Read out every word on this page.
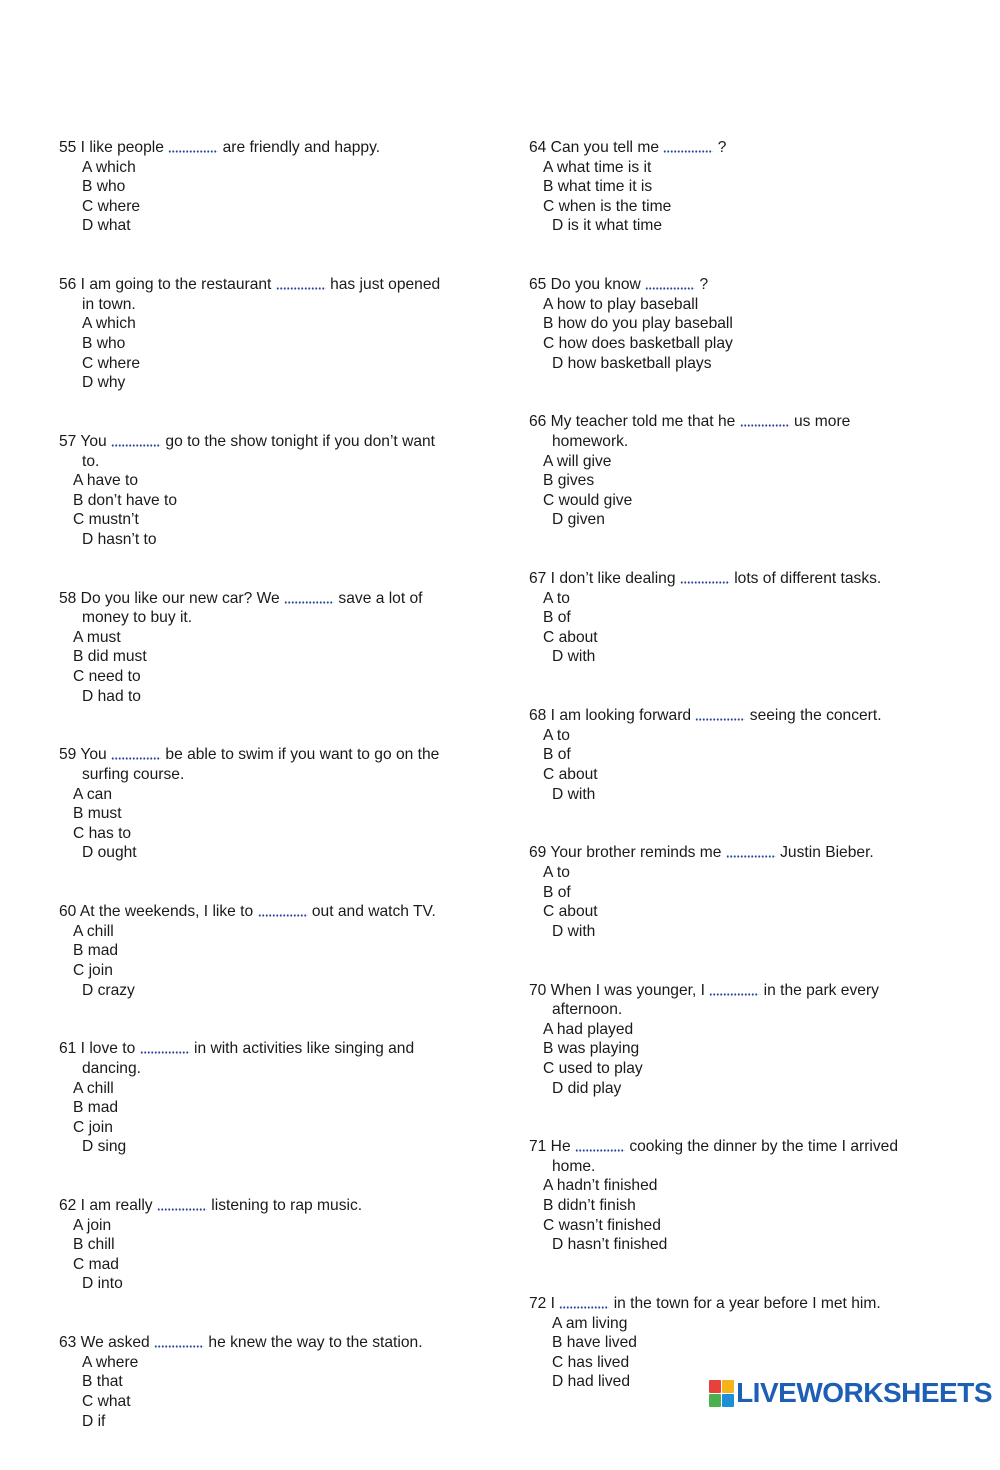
55 I like people	are friendly and happy.
A which
B who
C where
D what
56 I am going to the restaurant	has just opened
in town.
A which
B who
C where
D why
57 You	go to the show tonight if you don’t want
to.
A have to
B don’t have to
C mustn’t
D hasn’t to
58 Do you like our new car? We	save a lot of
money to buy it.
A must
B did must
C need to
D had to
59 You	be able to swim if you want to go on the
surfing course.
A can
B must
C has to
D ought
60 At the weekends, I like to	out and watch TV.
A chill
B mad
C join
D crazy
61 I love to	in with activities like singing and
dancing.
A chill
B mad
C join
D sing
62 I am really	listening to rap music.
A join
B chill
C mad
D into
63 We asked	he knew the way to the station.
A where
B that
C what
D if
64 Can you tell me	?
A what time is it
B what time it is
C when is the time
D is it what time
65 Do you know	?
A how to play baseball
B how do you play baseball
C how does basketball play
D how basketball plays
66 My teacher told me that he	us more
homework.
A will give
B gives
C would give
D given
67 I don’t like dealing	lots of different tasks.
A to
B of
C about
D with
68 I am looking forward	seeing the concert.
A to
B of
C about
D with
69 Your brother reminds me	Justin Bieber.
A to
B of
C about
D with
70 When I was younger, I	in the park every
afternoon.
A had played
B was playing
C used to play
D did play
71 He	cooking the dinner by the time I arrived
home.
A hadn’t finished
B didn’t finish
C wasn’t finished
D hasn’t finished
72 I	in the town for a year before I met him.
A am living
B have lived
C has lived
D had lived	LIVEWORKSHEETS
